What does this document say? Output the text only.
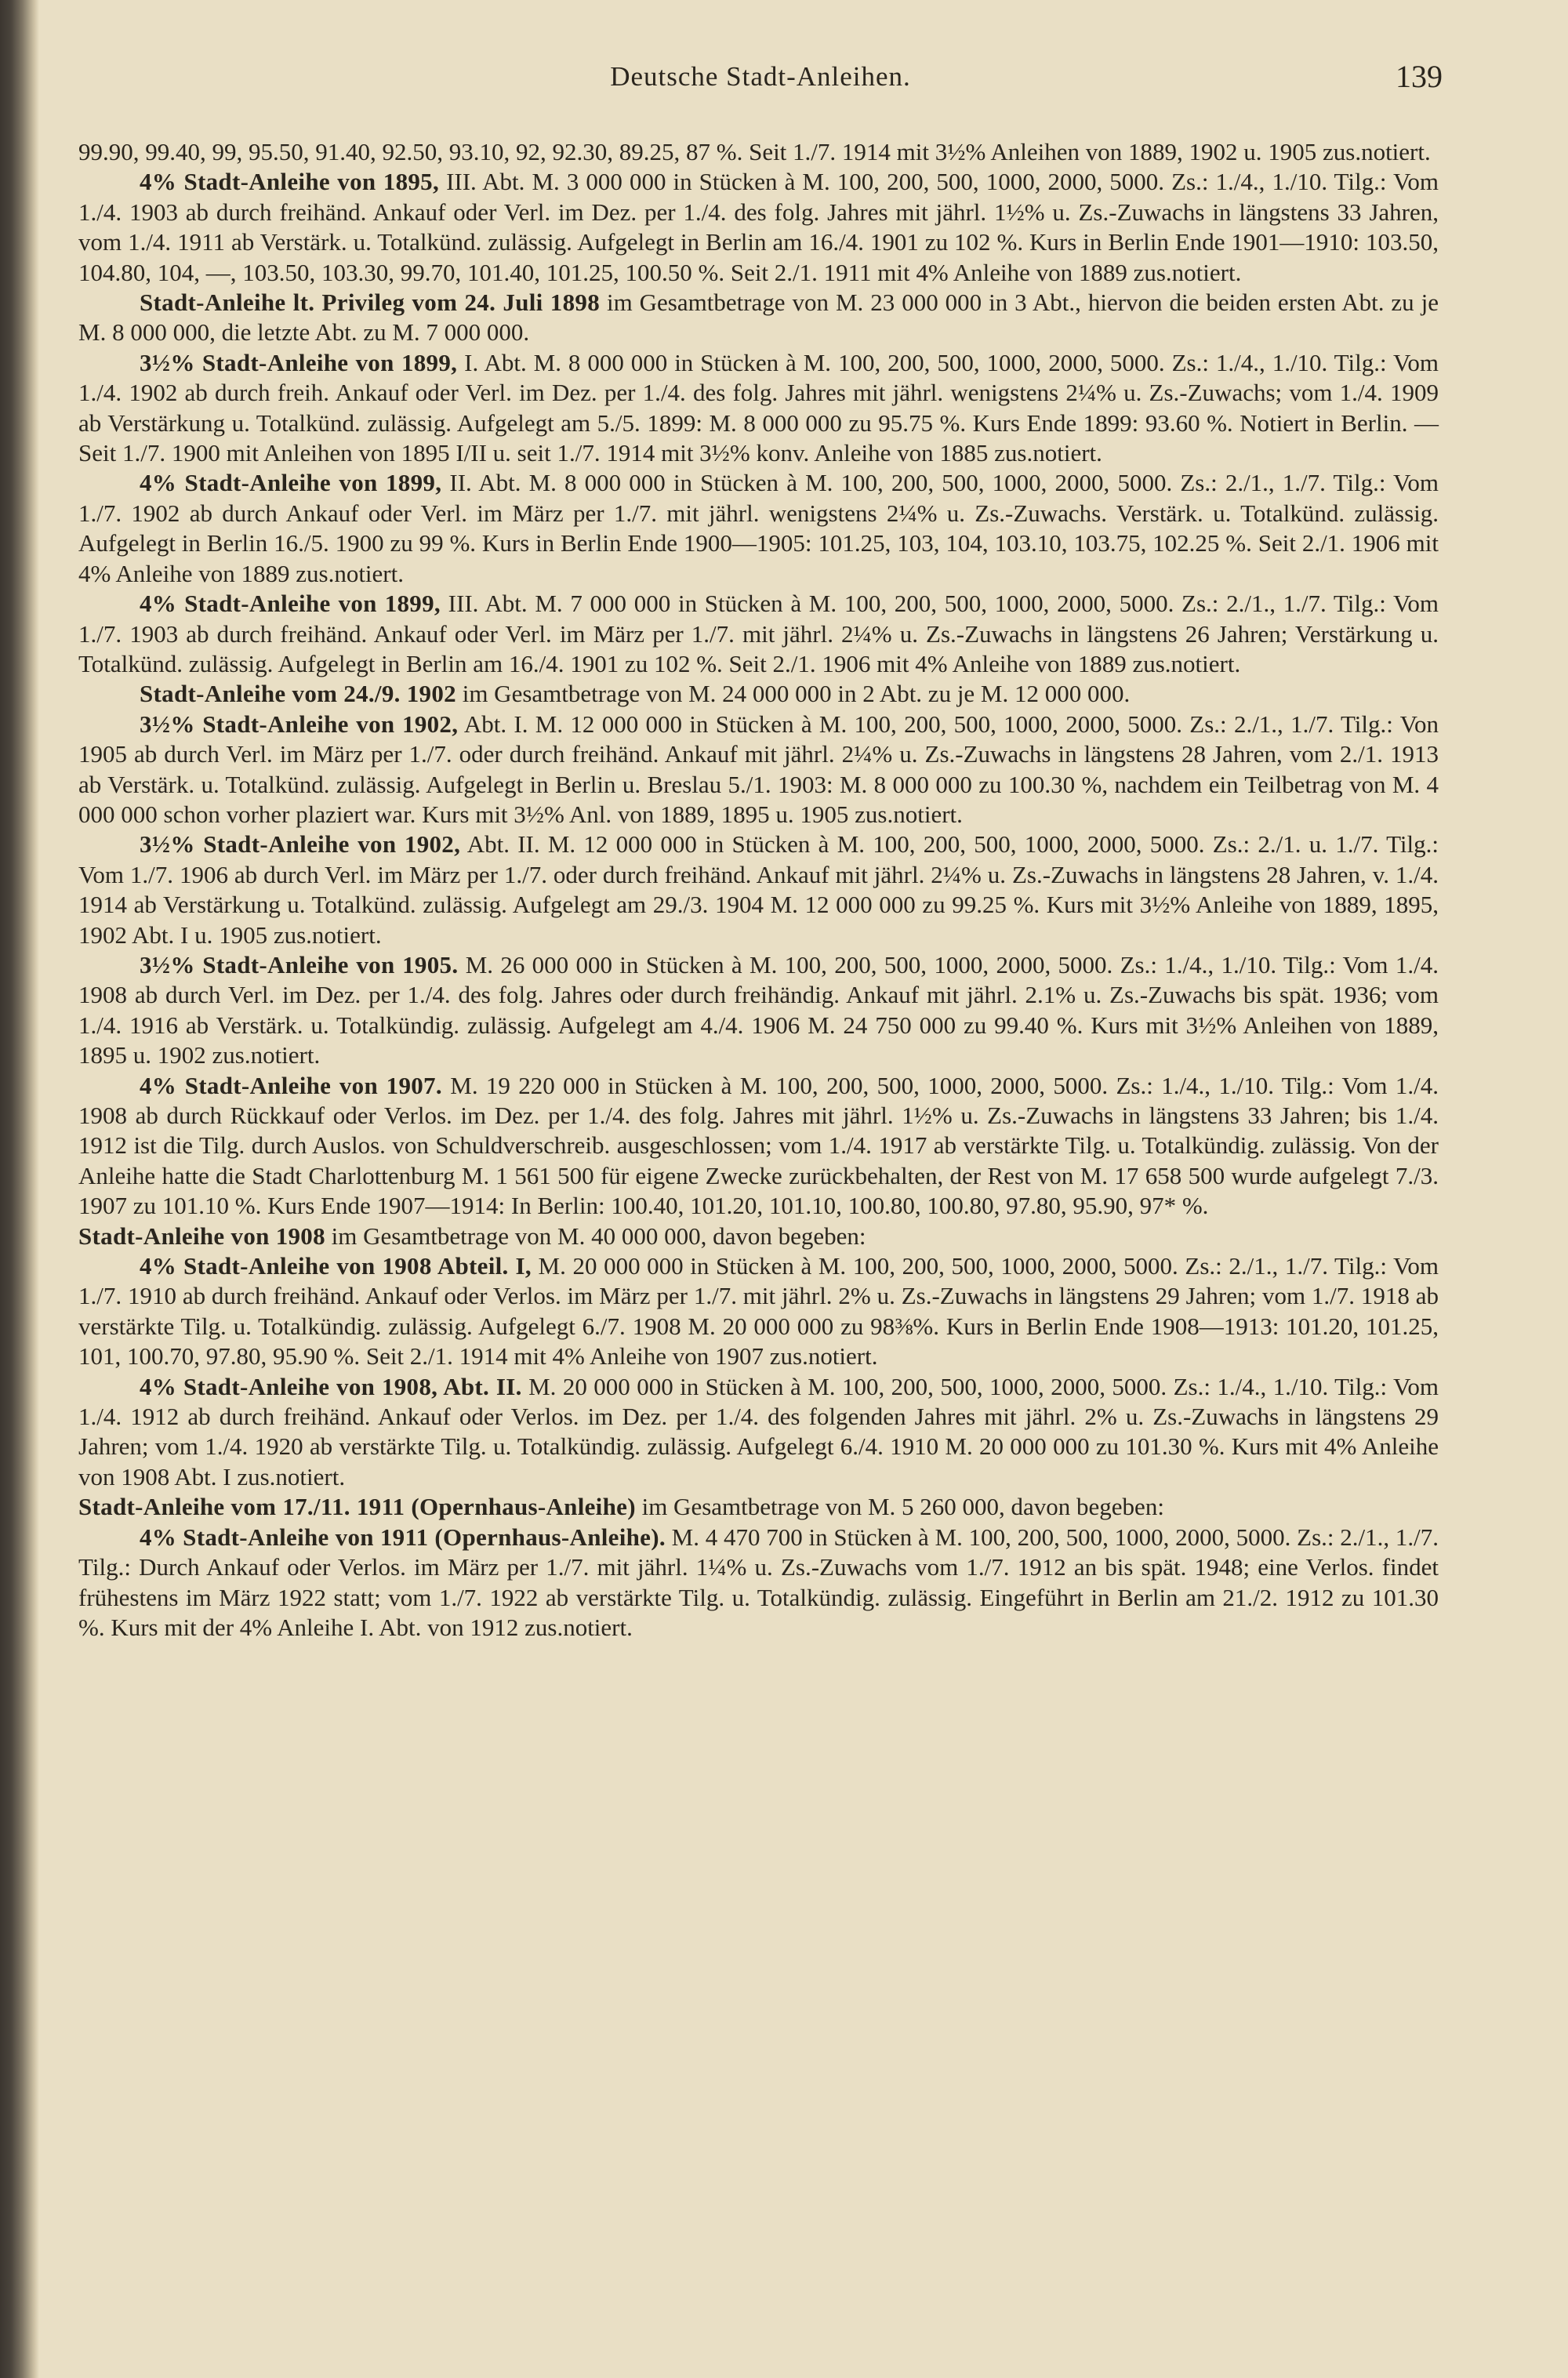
Deutsche Stadt-Anleihen.	139

99.90, 99.40, 99, 95.50, 91.40, 92.50, 93.10, 92, 92.30, 89.25, 87 %. Seit 1./7. 1914 mit 3½% Anleihen von 1889, 1902 u. 1905 zus.notiert.

4% Stadt-Anleihe von 1895, III. Abt. M. 3 000 000 in Stücken à M. 100, 200, 500, 1000, 2000, 5000. Zs.: 1./4., 1./10. Tilg.: Vom 1./4. 1903 ab durch freihänd. Ankauf oder Verl. im Dez. per 1./4. des folg. Jahres mit jährl. 1½% u. Zs.-Zuwachs in längstens 33 Jahren, vom 1./4. 1911 ab Verstärk. u. Totalkünd. zulässig. Aufgelegt in Berlin am 16./4. 1901 zu 102 %. Kurs in Berlin Ende 1901—1910: 103.50, 104.80, 104, —, 103.50, 103.30, 99.70, 101.40, 101.25, 100.50 %. Seit 2./1. 1911 mit 4% Anleihe von 1889 zus.notiert.

Stadt-Anleihe lt. Privileg vom 24. Juli 1898 im Gesamtbetrage von M. 23 000 000 in 3 Abt., hiervon die beiden ersten Abt. zu je M. 8 000 000, die letzte Abt. zu M. 7 000 000.

3½% Stadt-Anleihe von 1899, I. Abt. M. 8 000 000 in Stücken à M. 100, 200, 500, 1000, 2000, 5000. Zs.: 1./4., 1./10. Tilg.: Vom 1./4. 1902 ab durch freih. Ankauf oder Verl. im Dez. per 1./4. des folg. Jahres mit jährl. wenigstens 2¼% u. Zs.-Zuwachs; vom 1./4. 1909 ab Verstärkung u. Totalkünd. zulässig. Aufgelegt am 5./5. 1899: M. 8 000 000 zu 95.75 %. Kurs Ende 1899: 93.60 %. Notiert in Berlin. — Seit 1./7. 1900 mit Anleihen von 1895 I/II u. seit 1./7. 1914 mit 3½% konv. Anleihe von 1885 zus.notiert.

4% Stadt-Anleihe von 1899, II. Abt. M. 8 000 000 in Stücken à M. 100, 200, 500, 1000, 2000, 5000. Zs.: 2./1., 1./7. Tilg.: Vom 1./7. 1902 ab durch Ankauf oder Verl. im März per 1./7. mit jährl. wenigstens 2¼% u. Zs.-Zuwachs. Verstärk. u. Totalkünd. zulässig. Aufgelegt in Berlin 16./5. 1900 zu 99 %. Kurs in Berlin Ende 1900—1905: 101.25, 103, 104, 103.10, 103.75, 102.25 %. Seit 2./1. 1906 mit 4% Anleihe von 1889 zus.notiert.

4% Stadt-Anleihe von 1899, III. Abt. M. 7 000 000 in Stücken à M. 100, 200, 500, 1000, 2000, 5000. Zs.: 2./1., 1./7. Tilg.: Vom 1./7. 1903 ab durch freihänd. Ankauf oder Verl. im März per 1./7. mit jährl. 2¼% u. Zs.-Zuwachs in längstens 26 Jahren; Verstärkung u. Totalkünd. zulässig. Aufgelegt in Berlin am 16./4. 1901 zu 102 %. Seit 2./1. 1906 mit 4% Anleihe von 1889 zus.notiert.

Stadt-Anleihe vom 24./9. 1902 im Gesamtbetrage von M. 24 000 000 in 2 Abt. zu je M. 12 000 000.

3½% Stadt-Anleihe von 1902, Abt. I. M. 12 000 000 in Stücken à M. 100, 200, 500, 1000, 2000, 5000. Zs.: 2./1., 1./7. Tilg.: Von 1905 ab durch Verl. im März per 1./7. oder durch freihänd. Ankauf mit jährl. 2¼% u. Zs.-Zuwachs in längstens 28 Jahren, vom 2./1. 1913 ab Verstärk. u. Totalkünd. zulässig. Aufgelegt in Berlin u. Breslau 5./1. 1903: M. 8 000 000 zu 100.30 %, nachdem ein Teilbetrag von M. 4 000 000 schon vorher plaziert war. Kurs mit 3½% Anl. von 1889, 1895 u. 1905 zus.notiert.

3½% Stadt-Anleihe von 1902, Abt. II. M. 12 000 000 in Stücken à M. 100, 200, 500, 1000, 2000, 5000. Zs.: 2./1. u. 1./7. Tilg.: Vom 1./7. 1906 ab durch Verl. im März per 1./7. oder durch freihänd. Ankauf mit jährl. 2¼% u. Zs.-Zuwachs in längstens 28 Jahren, v. 1./4. 1914 ab Verstärkung u. Totalkünd. zulässig. Aufgelegt am 29./3. 1904 M. 12 000 000 zu 99.25 %. Kurs mit 3½% Anleihe von 1889, 1895, 1902 Abt. I u. 1905 zus.notiert.

3½% Stadt-Anleihe von 1905. M. 26 000 000 in Stücken à M. 100, 200, 500, 1000, 2000, 5000. Zs.: 1./4., 1./10. Tilg.: Vom 1./4. 1908 ab durch Verl. im Dez. per 1./4. des folg. Jahres oder durch freihändig. Ankauf mit jährl. 2.1% u. Zs.-Zuwachs bis spät. 1936; vom 1./4. 1916 ab Verstärk. u. Totalkündig. zulässig. Aufgelegt am 4./4. 1906 M. 24 750 000 zu 99.40 %. Kurs mit 3½% Anleihen von 1889, 1895 u. 1902 zus.notiert.

4% Stadt-Anleihe von 1907. M. 19 220 000 in Stücken à M. 100, 200, 500, 1000, 2000, 5000. Zs.: 1./4., 1./10. Tilg.: Vom 1./4. 1908 ab durch Rückkauf oder Verlos. im Dez. per 1./4. des folg. Jahres mit jährl. 1½% u. Zs.-Zuwachs in längstens 33 Jahren; bis 1./4. 1912 ist die Tilg. durch Auslos. von Schuldverschreib. ausgeschlossen; vom 1./4. 1917 ab verstärkte Tilg. u. Totalkündig. zulässig. Von der Anleihe hatte die Stadt Charlottenburg M. 1 561 500 für eigene Zwecke zurückbehalten, der Rest von M. 17 658 500 wurde aufgelegt 7./3. 1907 zu 101.10 %. Kurs Ende 1907—1914: In Berlin: 100.40, 101.20, 101.10, 100.80, 100.80, 97.80, 95.90, 97* %.

Stadt-Anleihe von 1908 im Gesamtbetrage von M. 40 000 000, davon begeben:

4% Stadt-Anleihe von 1908 Abteil. I, M. 20 000 000 in Stücken à M. 100, 200, 500, 1000, 2000, 5000. Zs.: 2./1., 1./7. Tilg.: Vom 1./7. 1910 ab durch freihänd. Ankauf oder Verlos. im März per 1./7. mit jährl. 2% u. Zs.-Zuwachs in längstens 29 Jahren; vom 1./7. 1918 ab verstärkte Tilg. u. Totalkündig. zulässig. Aufgelegt 6./7. 1908 M. 20 000 000 zu 98⅜%. Kurs in Berlin Ende 1908—1913: 101.20, 101.25, 101, 100.70, 97.80, 95.90 %. Seit 2./1. 1914 mit 4% Anleihe von 1907 zus.notiert.

4% Stadt-Anleihe von 1908, Abt. II. M. 20 000 000 in Stücken à M. 100, 200, 500, 1000, 2000, 5000. Zs.: 1./4., 1./10. Tilg.: Vom 1./4. 1912 ab durch freihänd. Ankauf oder Verlos. im Dez. per 1./4. des folgenden Jahres mit jährl. 2% u. Zs.-Zuwachs in längstens 29 Jahren; vom 1./4. 1920 ab verstärkte Tilg. u. Totalkündig. zulässig. Aufgelegt 6./4. 1910 M. 20 000 000 zu 101.30 %. Kurs mit 4% Anleihe von 1908 Abt. I zus.notiert.

Stadt-Anleihe vom 17./11. 1911 (Opernhaus-Anleihe) im Gesamtbetrage von M. 5 260 000, davon begeben:

4% Stadt-Anleihe von 1911 (Opernhaus-Anleihe). M. 4 470 700 in Stücken à M. 100, 200, 500, 1000, 2000, 5000. Zs.: 2./1., 1./7. Tilg.: Durch Ankauf oder Verlos. im März per 1./7. mit jährl. 1¼% u. Zs.-Zuwachs vom 1./7. 1912 an bis spät. 1948; eine Verlos. findet frühestens im März 1922 statt; vom 1./7. 1922 ab verstärkte Tilg. u. Totalkündig. zulässig. Eingeführt in Berlin am 21./2. 1912 zu 101.30 %. Kurs mit der 4% Anleihe I. Abt. von 1912 zus.notiert.
